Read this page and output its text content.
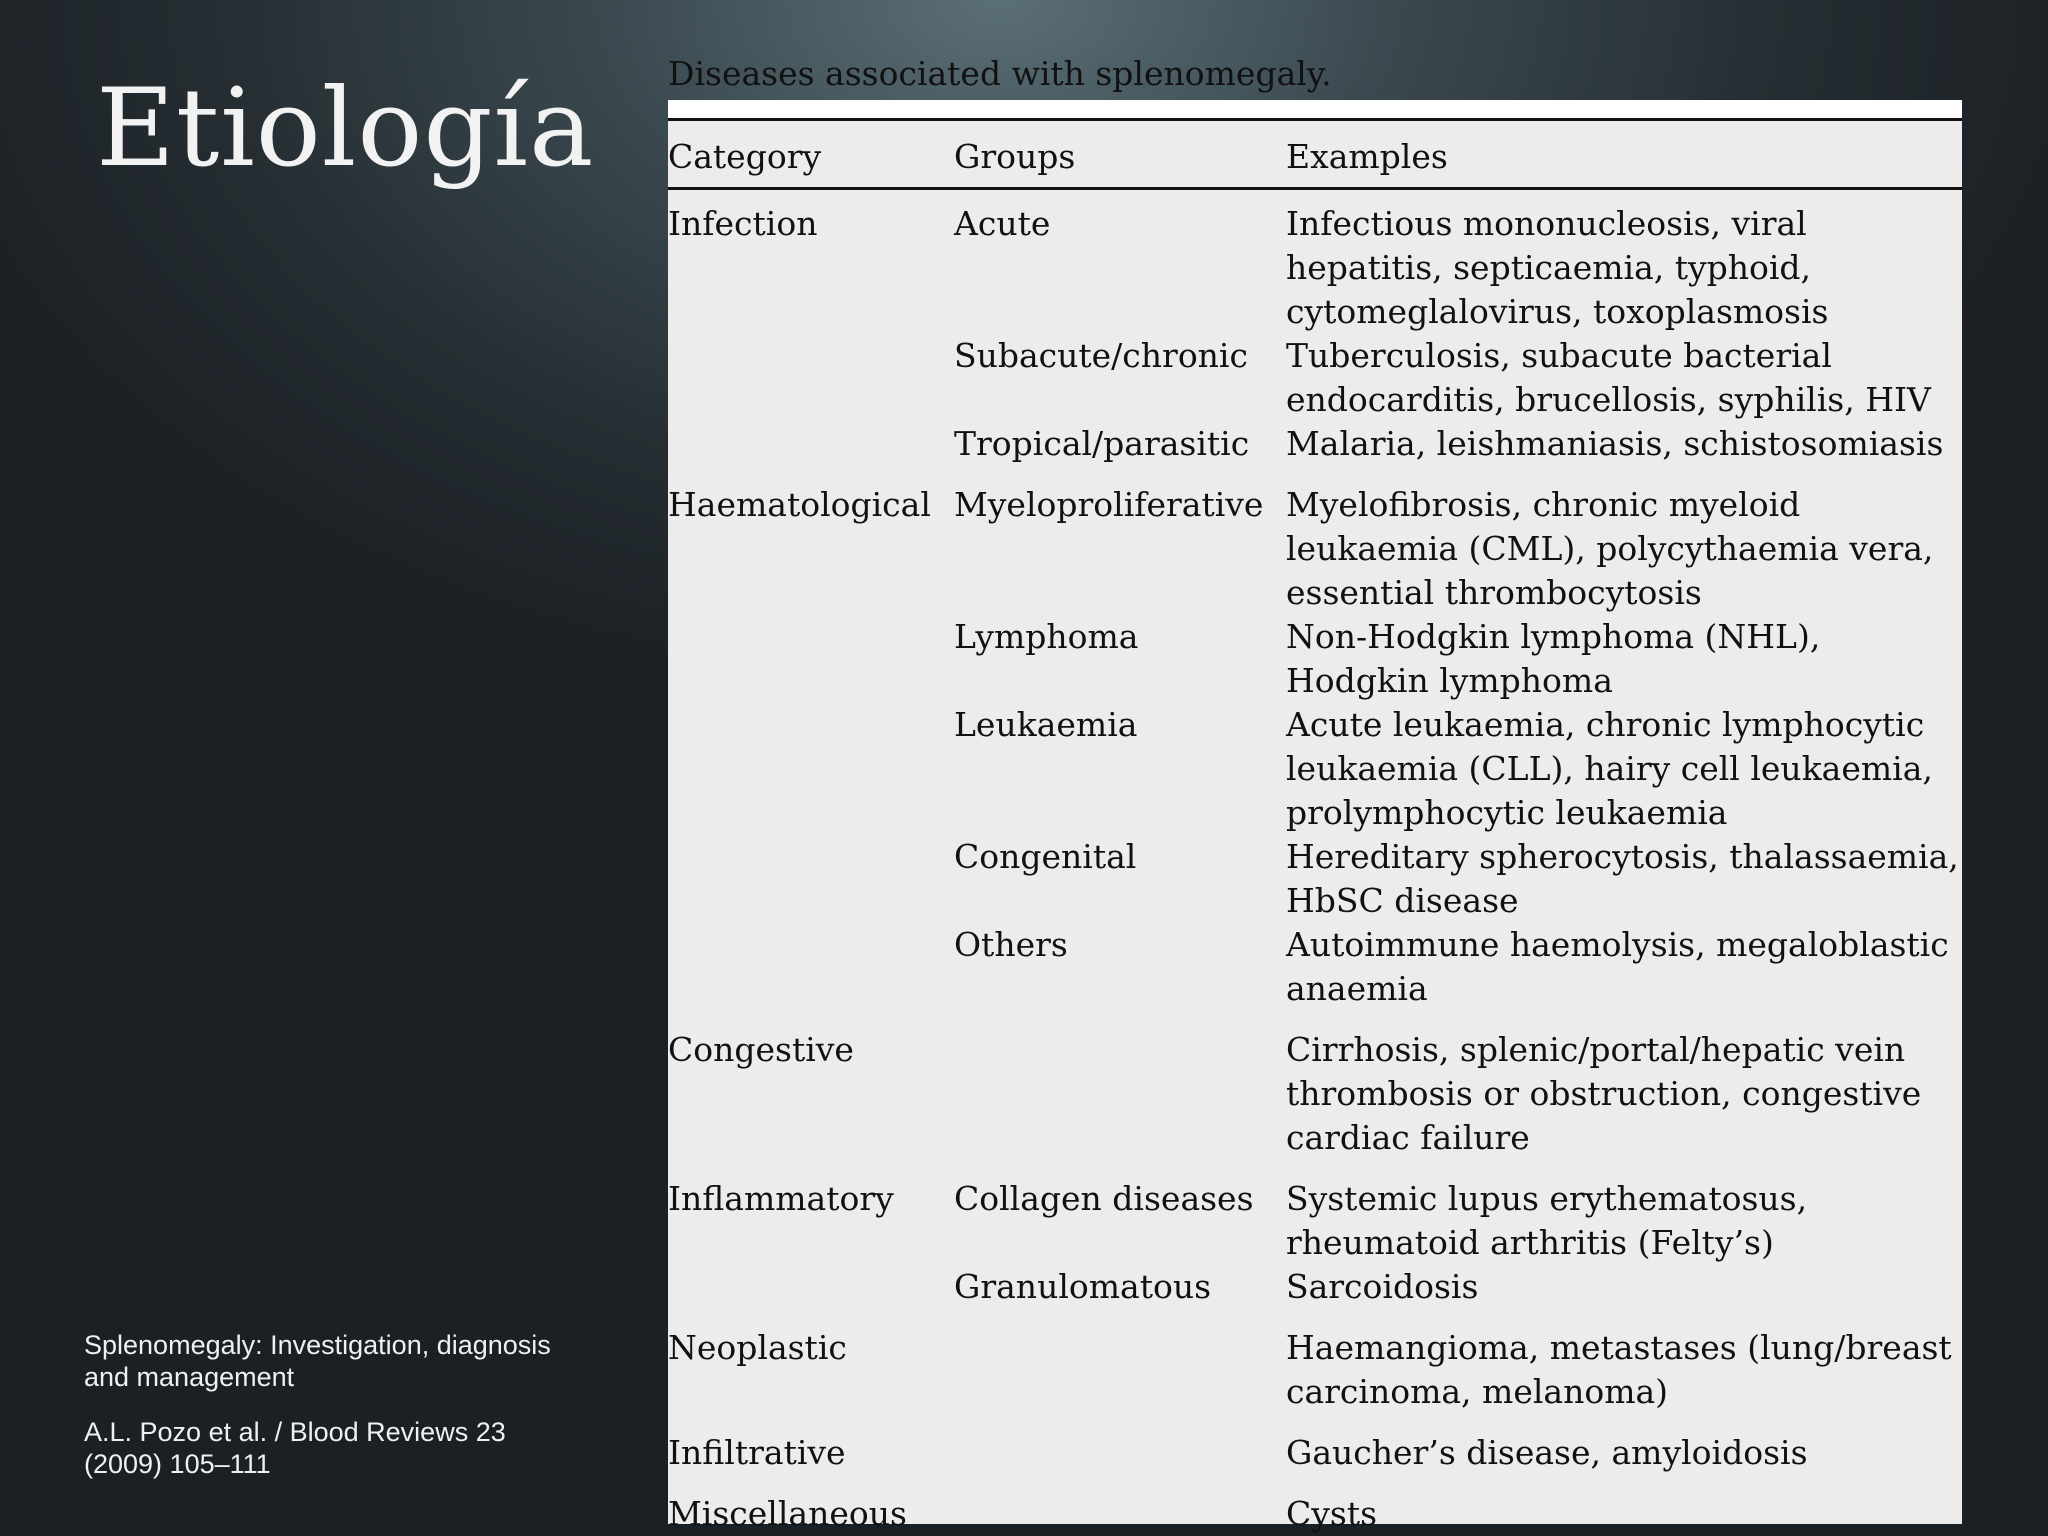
Etiología
Splenomegaly: Investigation, diagnosis and management
A.L. Pozo et al. / Blood Reviews 23 (2009) 105–111
Diseases associated with splenomegaly.
Category	Groups	Examples
Infection	Acute	Infectious mononucleosis, viral hepatitis, septicaemia, typhoid, cytomeglalovirus, toxoplasmosis
	Subacute/chronic	Tuberculosis, subacute bacterial endocarditis, brucellosis, syphilis, HIV
	Tropical/parasitic	Malaria, leishmaniasis, schistosomiasis
Haematological	Myeloproliferative	Myelofibrosis, chronic myeloid leukaemia (CML), polycythaemia vera, essential thrombocytosis
	Lymphoma	Non-Hodgkin lymphoma (NHL), Hodgkin lymphoma
	Leukaemia	Acute leukaemia, chronic lymphocytic leukaemia (CLL), hairy cell leukaemia, prolymphocytic leukaemia
	Congenital	Hereditary spherocytosis, thalassaemia, HbSC disease
	Others	Autoimmune haemolysis, megaloblastic anaemia
Congestive		Cirrhosis, splenic/portal/hepatic vein thrombosis or obstruction, congestive cardiac failure
Inflammatory	Collagen diseases	Systemic lupus erythematosus, rheumatoid arthritis (Felty’s)
	Granulomatous	Sarcoidosis
Neoplastic		Haemangioma, metastases (lung/breast carcinoma, melanoma)
Infiltrative		Gaucher’s disease, amyloidosis
Miscellaneous		Cysts
